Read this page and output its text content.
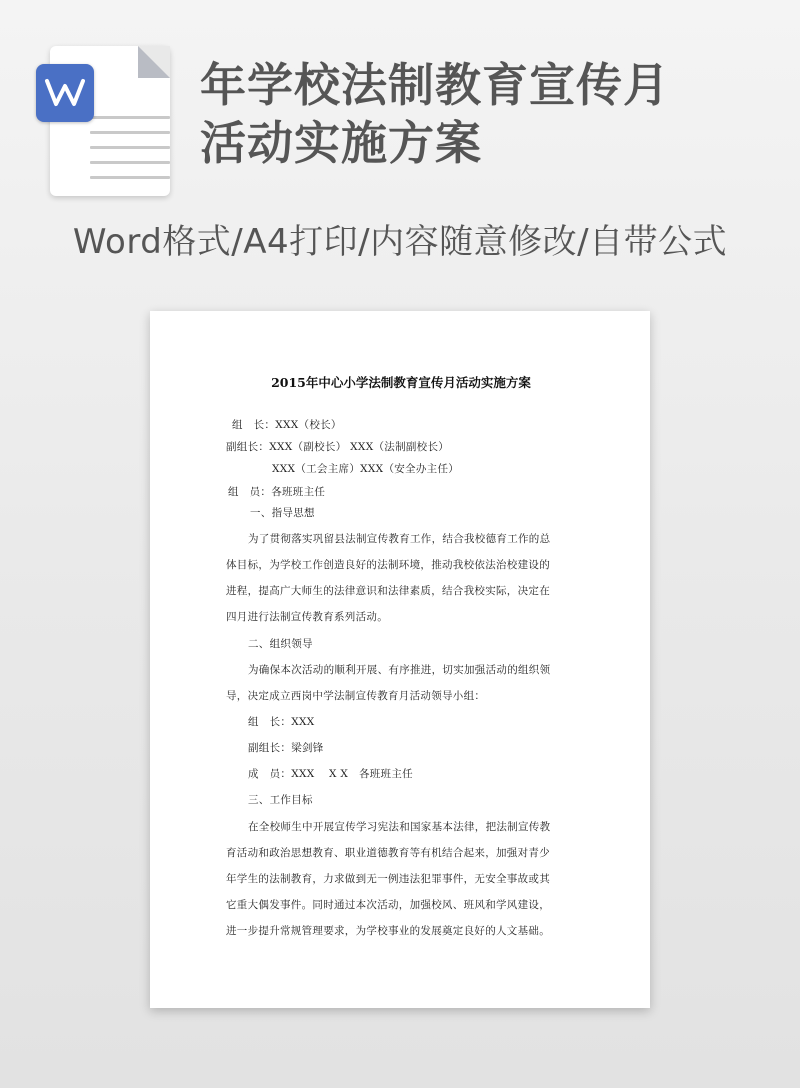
年学校法制教育宣传月
活动实施方案
Word格式/A4打印/内容随意修改/自带公式
2015年中心小学法制教育宣传月活动实施方案
组　长：XXX（校长）
副组长：XXX（副校长） XXX（法制副校长）
XXX（工会主席）XXX（安全办主任）
组　员：各班班主任
一、指导思想
为了贯彻落实巩留县法制宣传教育工作，结合我校德育工作的总
体目标，为学校工作创造良好的法制环境，推动我校依法治校建设的
进程，提高广大师生的法律意识和法律素质，结合我校实际，决定在
四月进行法制宣传教育系列活动。
二、组织领导
为确保本次活动的顺利开展、有序推进，切实加强活动的组织领
导，决定成立西岗中学法制宣传教育月活动领导小组：
组　长：XXX
副组长：梁剑锋
成　员：XXX　 X X　各班班主任
三、工作目标
在全校师生中开展宣传学习宪法和国家基本法律，把法制宣传教
育活动和政治思想教育、职业道德教育等有机结合起来，加强对青少
年学生的法制教育，力求做到无一例违法犯罪事件，无安全事故或其
它重大偶发事件。同时通过本次活动，加强校风、班风和学风建设，
进一步提升常规管理要求，为学校事业的发展奠定良好的人文基础。
